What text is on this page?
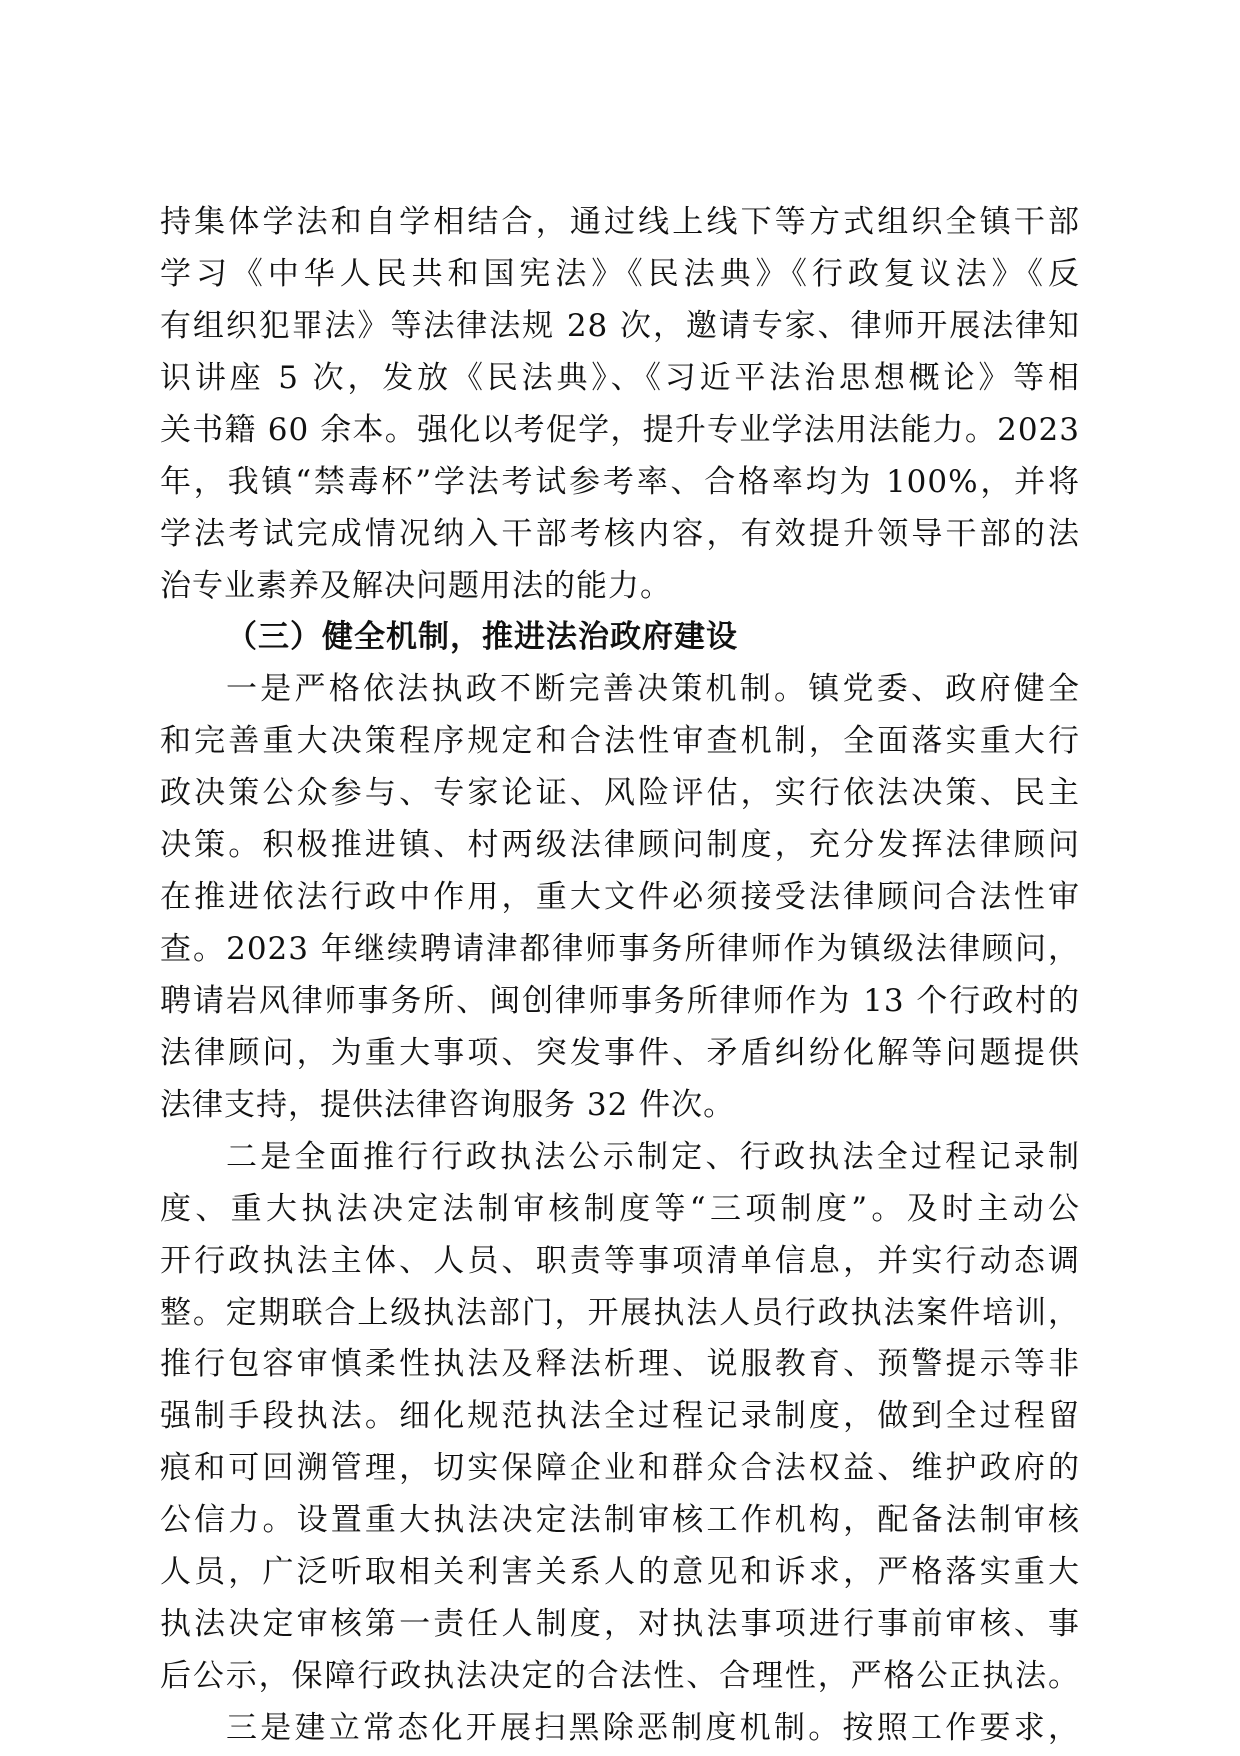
持集体学法和自学相结合，通过线上线下等方式组织全镇干部
学习《中华人民共和国宪法》《民法典》《行政复议法》《反
有组织犯罪法》等法律法规 28 次，邀请专家、律师开展法律知
识讲座 5 次，发放《民法典》、《习近平法治思想概论》等相
关书籍 60 余本。强化以考促学，提升专业学法用法能力。2023
年，我镇“禁毒杯”学法考试参考率、合格率均为 100%，并将
学法考试完成情况纳入干部考核内容，有效提升领导干部的法
治专业素养及解决问题用法的能力。
（三）健全机制，推进法治政府建设
一是严格依法执政不断完善决策机制。镇党委、政府健全
和完善重大决策程序规定和合法性审查机制，全面落实重大行
政决策公众参与、专家论证、风险评估，实行依法决策、民主
决策。积极推进镇、村两级法律顾问制度，充分发挥法律顾问
在推进依法行政中作用，重大文件必须接受法律顾问合法性审
查。2023 年继续聘请津都律师事务所律师作为镇级法律顾问，
聘请岩风律师事务所、闽创律师事务所律师作为 13 个行政村的
法律顾问，为重大事项、突发事件、矛盾纠纷化解等问题提供
法律支持，提供法律咨询服务 32 件次。
二是全面推行行政执法公示制定、行政执法全过程记录制
度、重大执法决定法制审核制度等“三项制度”。及时主动公
开行政执法主体、人员、职责等事项清单信息，并实行动态调
整。定期联合上级执法部门，开展执法人员行政执法案件培训，
推行包容审慎柔性执法及释法析理、说服教育、预警提示等非
强制手段执法。细化规范执法全过程记录制度，做到全过程留
痕和可回溯管理，切实保障企业和群众合法权益、维护政府的
公信力。设置重大执法决定法制审核工作机构，配备法制审核
人员，广泛听取相关利害关系人的意见和诉求，严格落实重大
执法决定审核第一责任人制度，对执法事项进行事前审核、事
后公示，保障行政执法决定的合法性、合理性，严格公正执法。
三是建立常态化开展扫黑除恶制度机制。按照工作要求，
